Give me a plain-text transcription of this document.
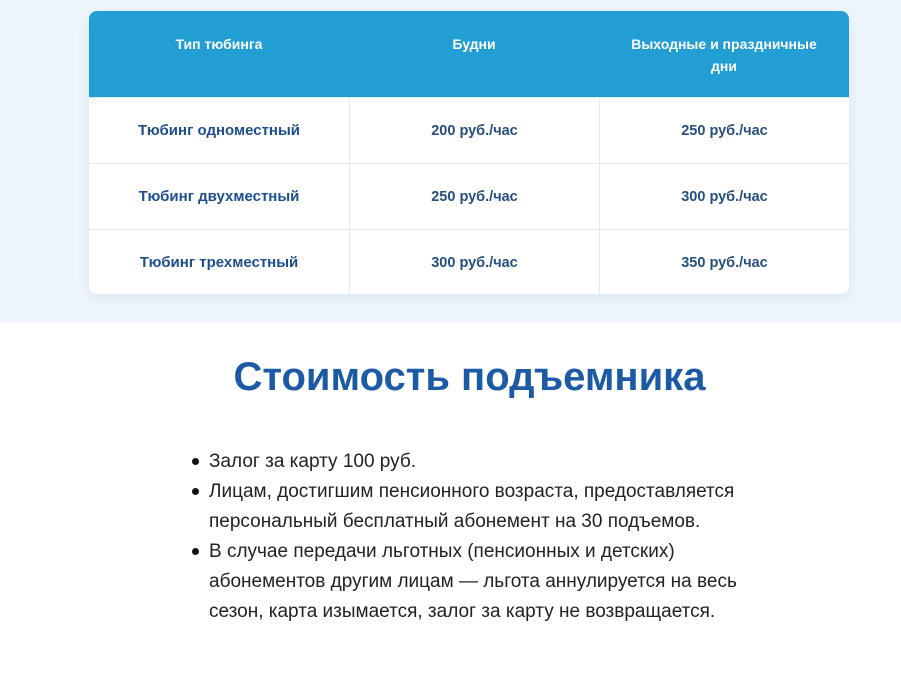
Тип тюбинга	Будни	Выходные и праздничные дни
Тюбинг одноместный	200 руб./час	250 руб./час
Тюбинг двухместный	250 руб./час	300 руб./час
Тюбинг трехместный	300 руб./час	350 руб./час
Стоимость подъемника
Залог за карту 100 руб.
Лицам, достигшим пенсионного возраста, предоставляется персональный бесплатный абонемент на 30 подъемов.
В случае передачи льготных (пенсионных и детских) абонементов другим лицам — льгота аннулируется на весь сезон, карта изымается, залог за карту не возвращается.
